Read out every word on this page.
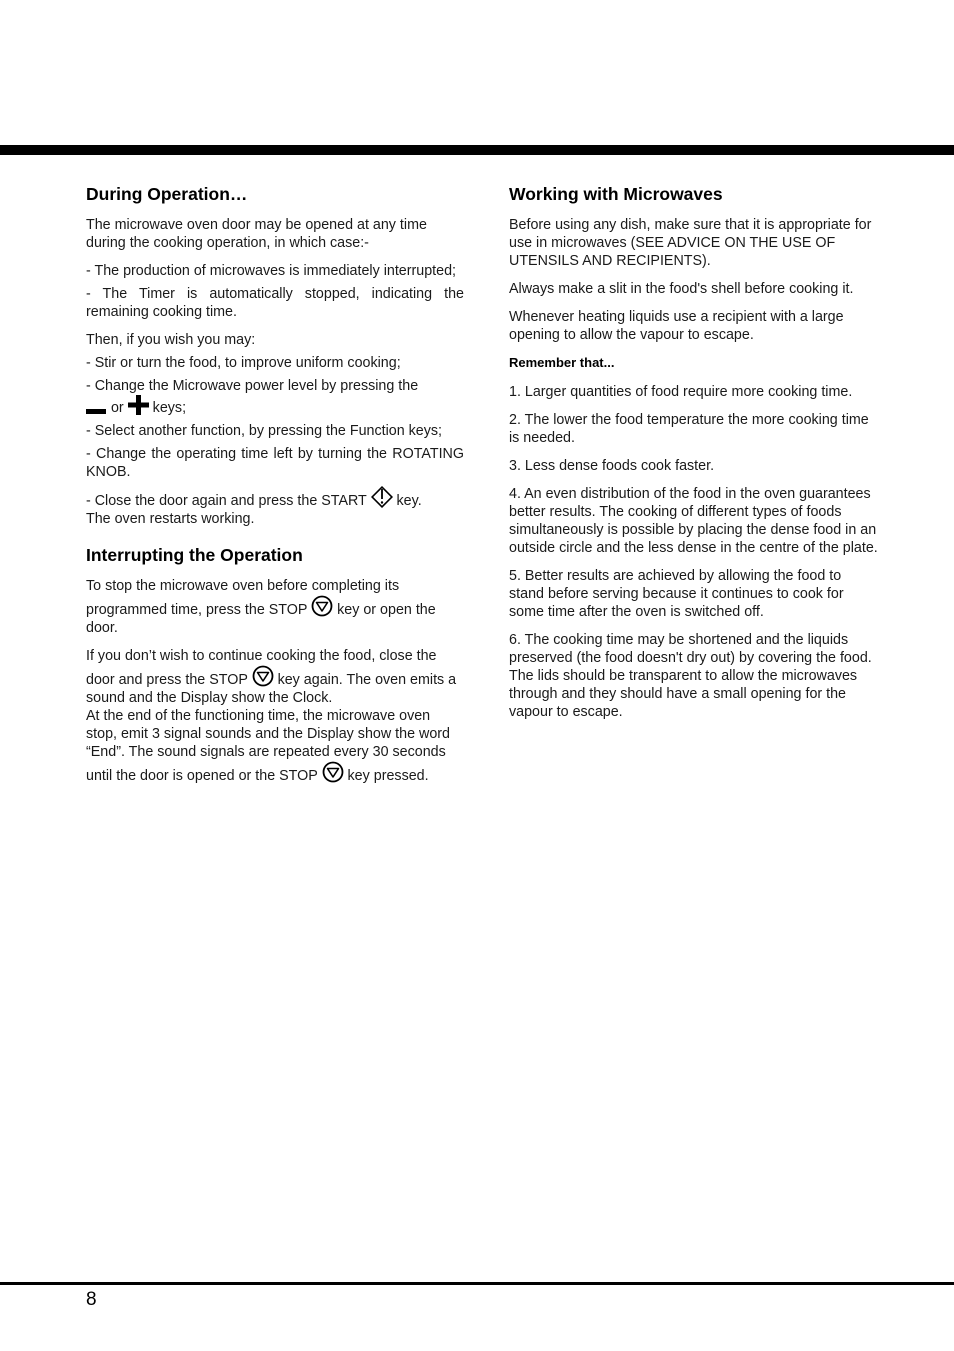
During Operation…

The microwave oven door may be opened at any time during the cooking operation, in which case:-

- The production of microwaves is immediately interrupted;

- The Timer is automatically stopped, indicating the remaining cooking time.

Then, if you wish you may:

- Stir or turn the food, to improve uniform cooking;

- Change the Microwave power level by pressing the

or keys;

- Select another function, by pressing the Function keys;

- Change the operating time left by turning the ROTATING KNOB.

- Close the door again and press the START key.
The oven restarts working.

Interrupting the Operation

To stop the microwave oven before completing its programmed time, press the STOP key or open the door.

If you don’t wish to continue cooking the food, close the door and press the STOP key again. The oven emits a sound and the Display show the Clock.

At the end of the functioning time, the microwave oven stop, emit 3 signal sounds and the Display show the word “End”. The sound signals are repeated every 30 seconds until the door is opened or the STOP key pressed.

Working with Microwaves

Before using any dish, make sure that it is appropriate for use in microwaves (SEE ADVICE ON THE USE OF UTENSILS AND RECIPIENTS).

Always make a slit in the food's shell before cooking it.

Whenever heating liquids use a recipient with a large opening to allow the vapour to escape.

Remember that...

1. Larger quantities of food require more cooking time.

2. The lower the food temperature the more cooking time is needed.

3. Less dense foods cook faster.

4. An even distribution of the food in the oven guarantees better results. The cooking of different types of foods simultaneously is possible by placing the dense food in an outside circle and the less dense in the centre of the plate.

5. Better results are achieved by allowing the food to stand before serving because it continues to cook for some time after the oven is switched off.

6. The cooking time may be shortened and the liquids preserved (the food doesn't dry out) by covering the food. The lids should be transparent to allow the microwaves through and they should have a small opening for the vapour to escape.

8
